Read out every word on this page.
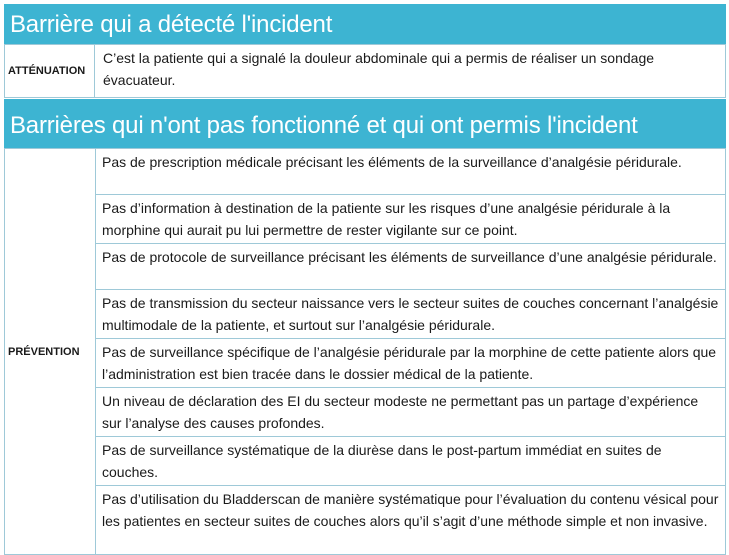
Barrière qui a détecté l'incident
ATTÉNUATION	C’est la patiente qui a signalé la douleur abdominale qui a permis de réaliser un sondage évacuateur.
Barrières qui n'ont pas fonctionné et qui ont permis l'incident
PRÉVENTION	Pas de prescription médicale précisant les éléments de la surveillance d’analgésie péridurale.
Pas d’information à destination de la patiente sur les risques d’une analgésie péridurale à la morphine qui aurait pu lui permettre de rester vigilante sur ce point.
Pas de protocole de surveillance précisant les éléments de surveillance d’une analgésie péridurale.
Pas de transmission du secteur naissance vers le secteur suites de couches concernant l’analgésie multimodale de la patiente, et surtout sur l’analgésie péridurale.
Pas de surveillance spécifique de l’analgésie péridurale par la morphine de cette patiente alors que l’administration est bien tracée dans le dossier médical de la patiente.
Un niveau de déclaration des EI du secteur modeste ne permettant pas un partage d’expérience sur l’analyse des causes profondes.
Pas de surveillance systématique de la diurèse dans le post-partum immédiat en suites de couches.
Pas d’utilisation du Bladderscan de manière systématique pour l’évaluation du contenu vésical pour les patientes en secteur suites de couches alors qu’il s’agit d’une méthode simple et non invasive.
